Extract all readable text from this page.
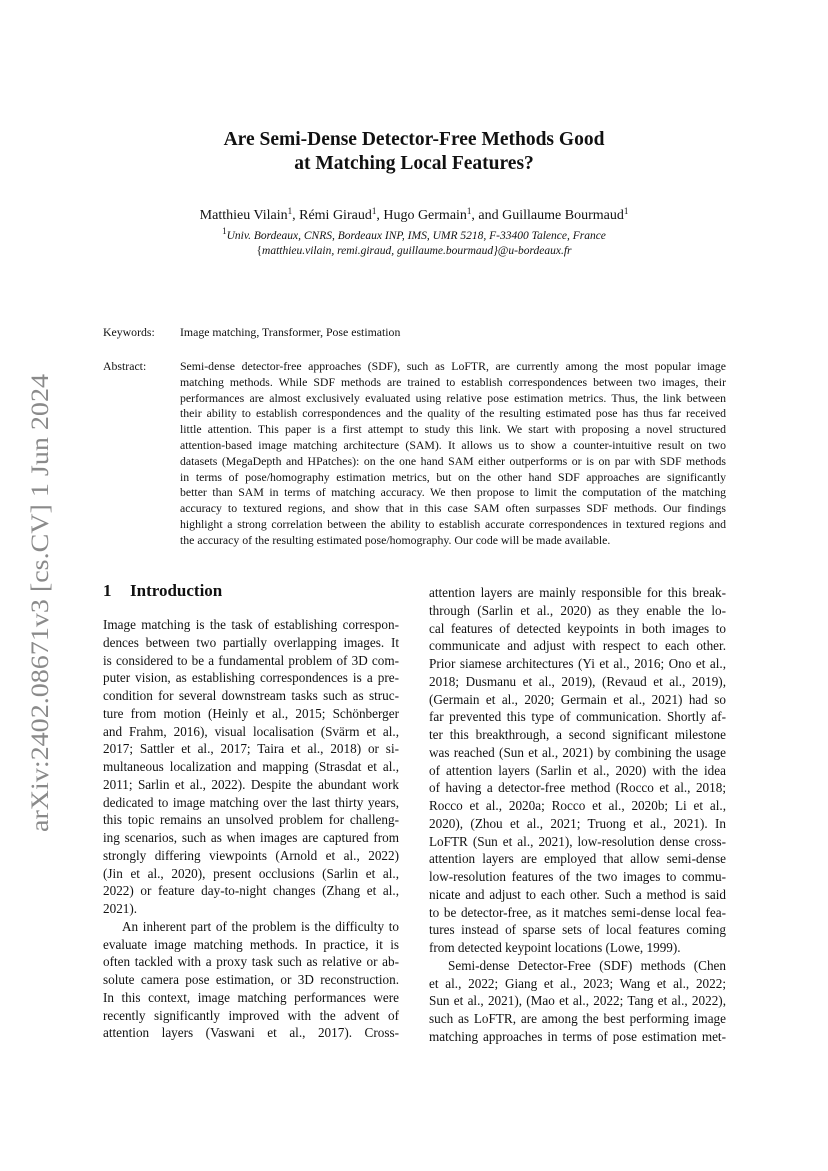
arXiv:2402.08671v3 [cs.CV] 1 Jun 2024
Are Semi-Dense Detector-Free Methods Good
at Matching Local Features?
Matthieu Vilain$^1$, Rémi Giraud$^1$, Hugo Germain$^1$, and Guillaume Bourmaud$^1$
$^1$Univ. Bordeaux, CNRS, Bordeaux INP, IMS, UMR 5218, F-33400 Talence, France
{matthieu.vilain, remi.giraud, guillaume.bourmaud}@u-bordeaux.fr
Keywords: Image matching, Transformer, Pose estimation
Abstract:	Semi-dense detector-free approaches (SDF), such as LoFTR, are currently among the most popular image
matching methods. While SDF methods are trained to establish correspondences between two images, their
performances are almost exclusively evaluated using relative pose estimation metrics. Thus, the link between
their ability to establish correspondences and the quality of the resulting estimated pose has thus far received
little attention. This paper is a first attempt to study this link. We start with proposing a novel structured
attention-based image matching architecture (SAM). It allows us to show a counter-intuitive result on two
datasets (MegaDepth and HPatches): on the one hand SAM either outperforms or is on par with SDF methods
in terms of pose/homography estimation metrics, but on the other hand SDF approaches are significantly
better than SAM in terms of matching accuracy. We then propose to limit the computation of the matching
accuracy to textured regions, and show that in this case SAM often surpasses SDF methods. Our findings
highlight a strong correlation between the ability to establish accurate correspondences in textured regions and
the accuracy of the resulting estimated pose/homography. Our code will be made available.
1 Introduction
Image matching is the task of establishing correspon-
dences between two partially overlapping images. It
is considered to be a fundamental problem of 3D com-
puter vision, as establishing correspondences is a pre-
condition for several downstream tasks such as struc-
ture from motion (Heinly et al., 2015; Schönberger
and Frahm, 2016), visual localisation (Svärm et al.,
2017; Sattler et al., 2017; Taira et al., 2018) or si-
multaneous localization and mapping (Strasdat et al.,
2011; Sarlin et al., 2022). Despite the abundant work
dedicated to image matching over the last thirty years,
this topic remains an unsolved problem for challeng-
ing scenarios, such as when images are captured from
strongly differing viewpoints (Arnold et al., 2022)
(Jin et al., 2020), present occlusions (Sarlin et al.,
2022) or feature day-to-night changes (Zhang et al.,
2021).
An inherent part of the problem is the difficulty to
evaluate image matching methods. In practice, it is
often tackled with a proxy task such as relative or ab-
solute camera pose estimation, or 3D reconstruction.
In this context, image matching performances were
recently significantly improved with the advent of
attention layers (Vaswani et al., 2017). Cross-
attention layers are mainly responsible for this break-
through (Sarlin et al., 2020) as they enable the lo-
cal features of detected keypoints in both images to
communicate and adjust with respect to each other.
Prior siamese architectures (Yi et al., 2016; Ono et al.,
2018; Dusmanu et al., 2019), (Revaud et al., 2019),
(Germain et al., 2020; Germain et al., 2021) had so
far prevented this type of communication. Shortly af-
ter this breakthrough, a second significant milestone
was reached (Sun et al., 2021) by combining the usage
of attention layers (Sarlin et al., 2020) with the idea
of having a detector-free method (Rocco et al., 2018;
Rocco et al., 2020a; Rocco et al., 2020b; Li et al.,
2020), (Zhou et al., 2021; Truong et al., 2021). In
LoFTR (Sun et al., 2021), low-resolution dense cross-
attention layers are employed that allow semi-dense
low-resolution features of the two images to commu-
nicate and adjust to each other. Such a method is said
to be detector-free, as it matches semi-dense local fea-
tures instead of sparse sets of local features coming
from detected keypoint locations (Lowe, 1999).
Semi-dense Detector-Free (SDF) methods (Chen
et al., 2022; Giang et al., 2023; Wang et al., 2022;
Sun et al., 2021), (Mao et al., 2022; Tang et al., 2022),
such as LoFTR, are among the best performing image
matching approaches in terms of pose estimation met-
